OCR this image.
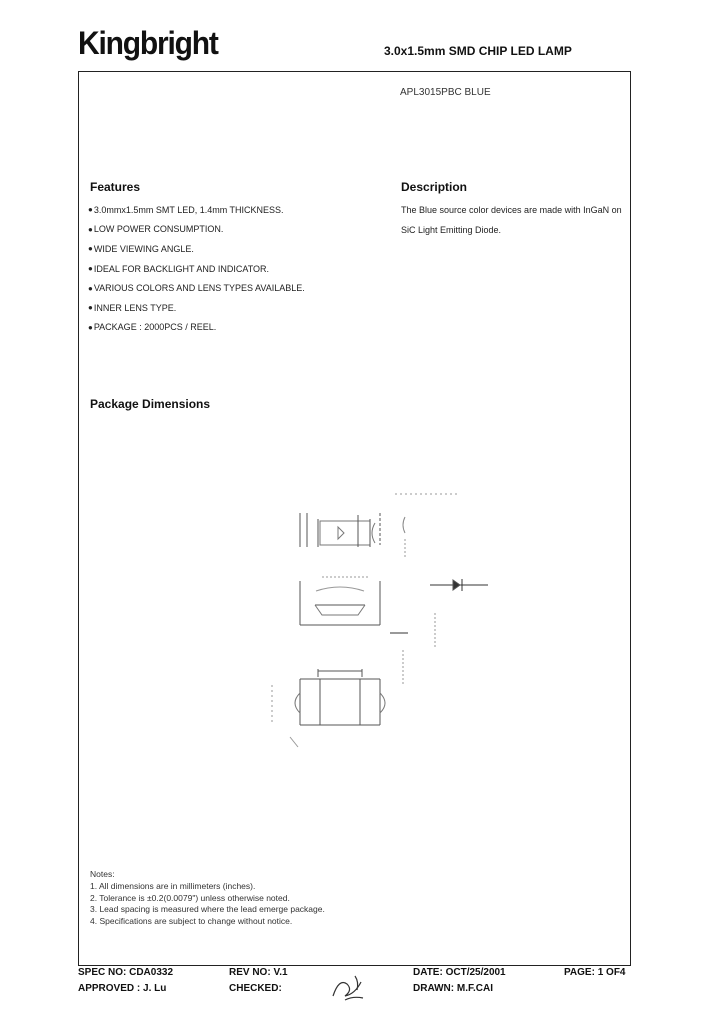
Kingbright	3.0x1.5mm SMD CHIP LED LAMP
APL3015PBC BLUE
Features
● 3.0mmx1.5mm SMT LED, 1.4mm THICKNESS.
● LOW POWER CONSUMPTION.
● WIDE VIEWING ANGLE.
● IDEAL FOR BACKLIGHT AND INDICATOR.
● VARIOUS COLORS AND LENS TYPES AVAILABLE.
● INNER LENS TYPE.
● PACKAGE : 2000PCS / REEL.
Description
The Blue source color devices are made with InGaN on
SiC Light Emitting Diode.
Package Dimensions
Notes:
1. All dimensions are in millimeters (inches).
2. Tolerance is ±0.2(0.0079") unless otherwise noted.
3. Lead spacing is measured where the lead emerge package.
4. Specifications are subject to change without notice.
SPEC NO: CDA0332	REV NO: V.1	DATE: OCT/25/2001	PAGE: 1 OF4
APPROVED : J. Lu	CHECKED:	DRAWN: M.F.CAI
